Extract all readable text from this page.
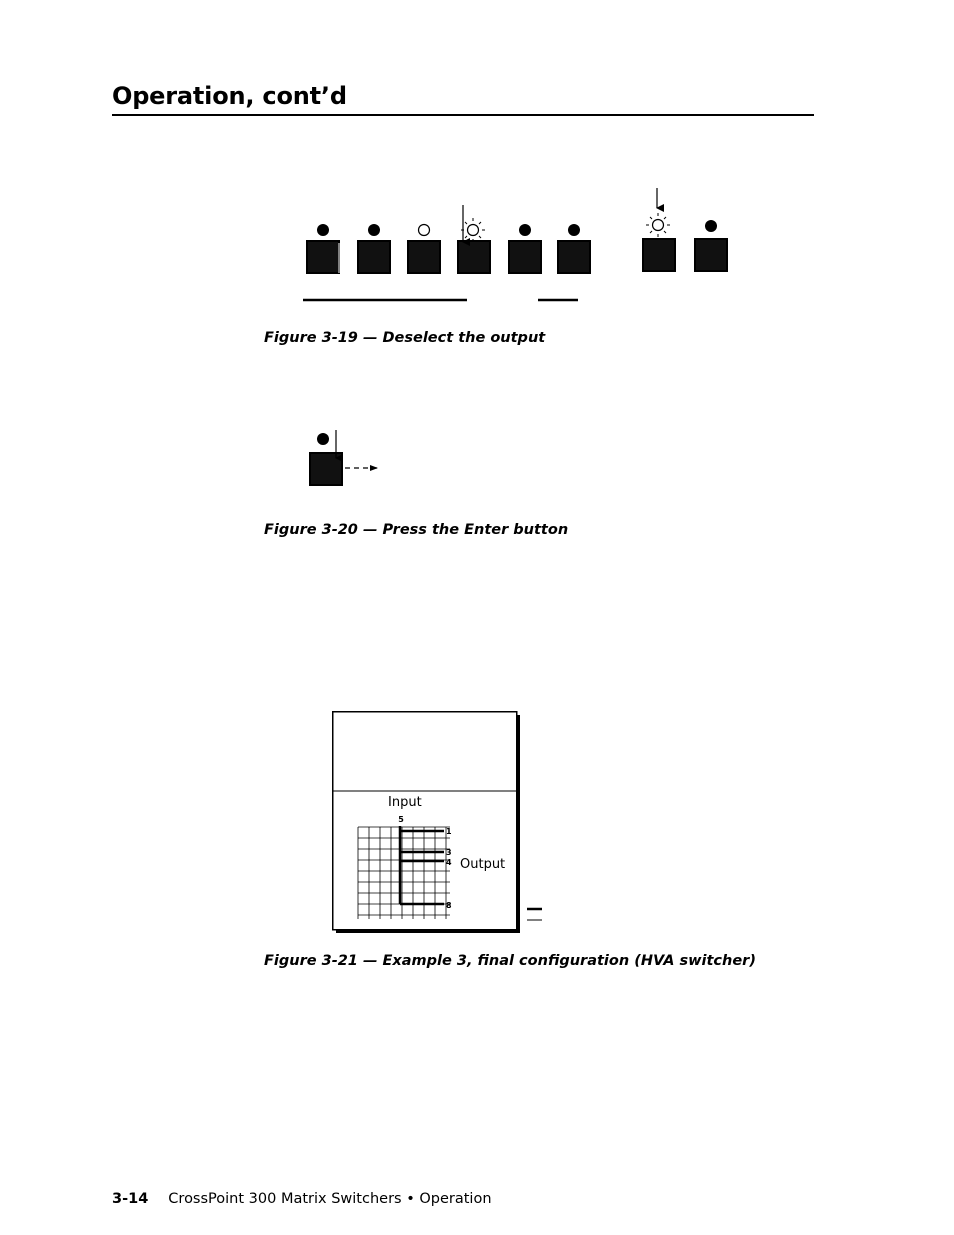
Operation, cont’d
Figure 3-19 — Deselect the output
Figure 3-20 — Press the Enter button
5
1
3
4
8
Input
Output
Figure 3-21 — Example 3, final configuration (HVA switcher)
3-14 CrossPoint 300 Matrix Switchers • Operation
